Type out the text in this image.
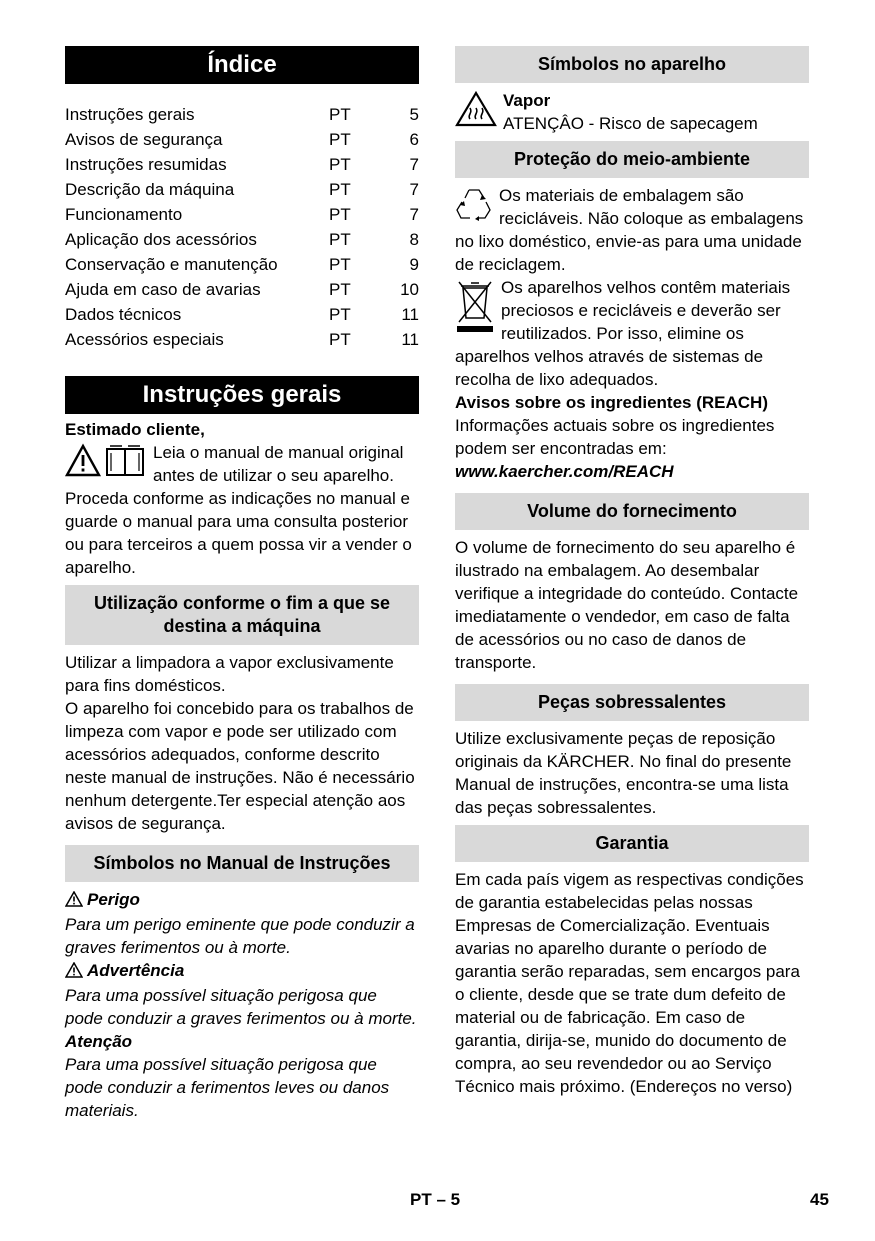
Índice
Instruções gerais	PT	5
Avisos de segurança	PT	6
Instruções resumidas	PT	7
Descrição da máquina	PT	7
Funcionamento	PT	7
Aplicação dos acessórios	PT	8
Conservação e manutenção	PT	9
Ajuda em caso de avarias	PT	10
Dados técnicos	PT	11
Acessórios especiais	PT	11
Instruções gerais

Estimado cliente,

Leia o manual de manual original antes de utilizar o seu aparelho. Proceda conforme as indicações no manual e guarde o manual para uma consulta posterior ou para terceiros a quem possa vir a vender o aparelho.
Utilização conforme o fim a que se destina a máquina

Utilizar a limpadora a vapor exclusivamente para fins domésticos.

O aparelho foi concebido para os trabalhos de limpeza com vapor e pode ser utilizado com acessórios adequados, conforme descrito neste manual de instruções. Não é necessário nenhum detergente.Ter especial atenção aos avisos de segurança.

Símbolos no Manual de Instruções

Perigo

Para um perigo eminente que pode conduzir a graves ferimentos ou à morte.

Advertência

Para uma possível situação perigosa que pode conduzir a graves ferimentos ou à morte.

Atenção

Para uma possível situação perigosa que pode conduzir a ferimentos leves ou danos materiais.

Símbolos no aparelho

Vapor

ATENÇÂO - Risco de sapecagem

Proteção do meio-ambiente
Os materiais de embalagem são recicláveis. Não coloque as embalagens no lixo doméstico, envie-as para uma unidade de reciclagem.
Os aparelhos velhos contêm materiais preciosos e recicláveis e deverão ser reutilizados. Por isso, elimine os aparelhos velhos através de sistemas de recolha de lixo adequados.

Avisos sobre os ingredientes (REACH)

Informações actuais sobre os ingredientes podem ser encontradas em:

www.kaercher.com/REACH

Volume do fornecimento

O volume de fornecimento do seu aparelho é ilustrado na embalagem. Ao desembalar verifique a integridade do conteúdo. Contacte imediatamente o vendedor, em caso de falta de acessórios ou no caso de danos de transporte.

Peças sobressalentes

Utilize exclusivamente peças de reposição originais da KÄRCHER. No final do presente Manual de instruções, encontra-se uma lista das peças sobressalentes.

Garantia

Em cada país vigem as respectivas condições de garantia estabelecidas pelas nossas Empresas de Comercialização. Eventuais avarias no aparelho durante o período de garantia serão reparadas, sem encargos para o cliente, desde que se trate dum defeito de material ou de fabricação. Em caso de garantia, dirija-se, munido do documento de compra, ao seu revendedor ou ao Serviço Técnico mais próximo. (Endereços no verso)

PT – 5	45
